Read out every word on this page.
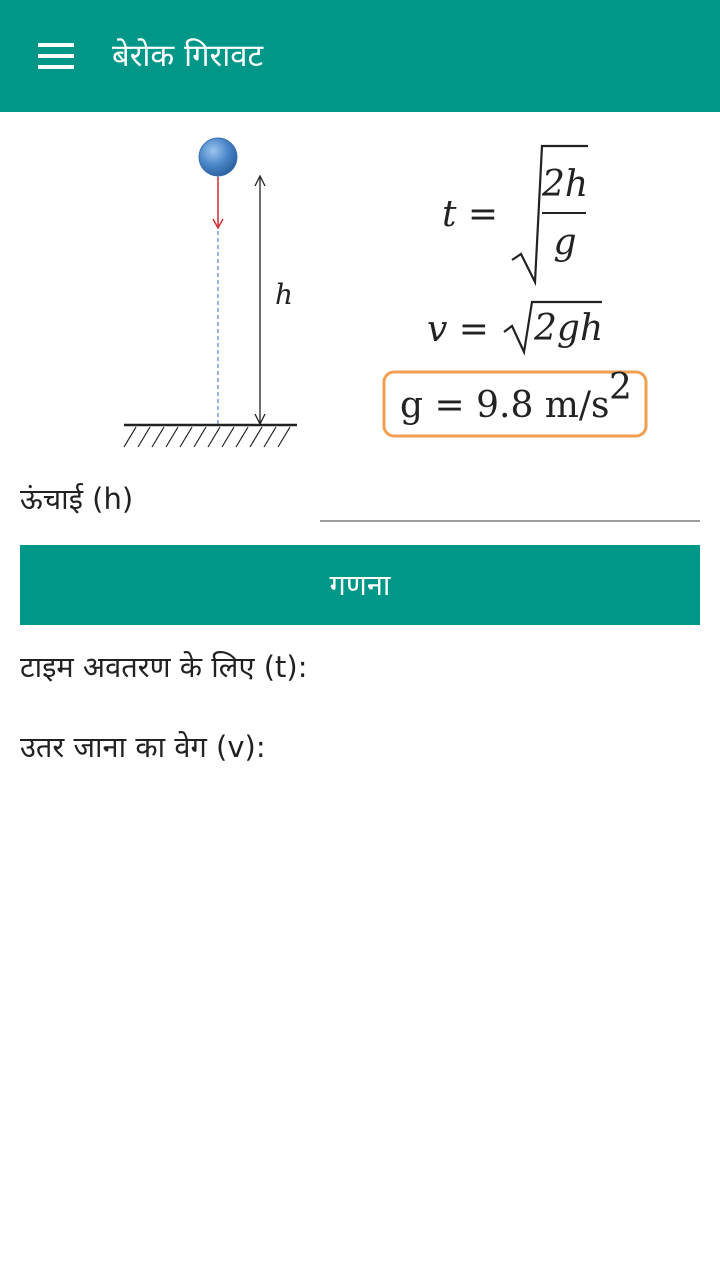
बेरोक गिरावट
h
t =
2h
g
v = 2gh
g = 9.8 m/s 2
ऊंचाई (h)
गणना
टाइम अवतरण के लिए (t):
उतर जाना का वेग (v):
